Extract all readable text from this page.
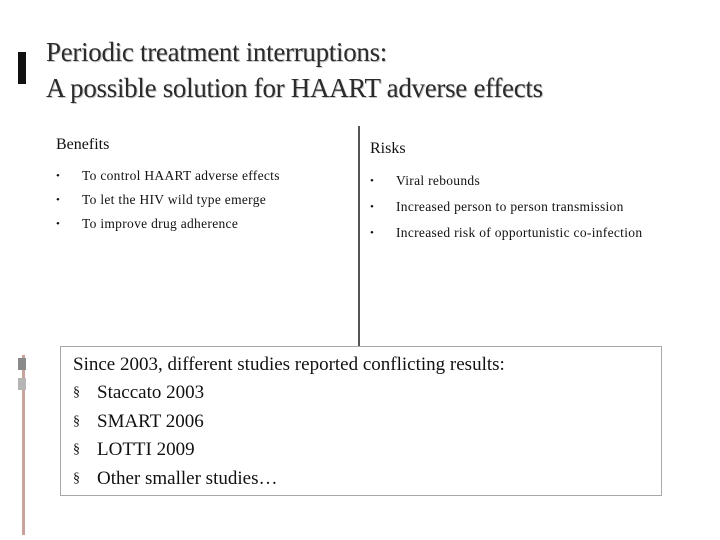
Periodic treatment interruptions:
A possible solution for HAART adverse effects
Benefits
•	To control HAART adverse effects
•	To let the HIV wild type emerge
•	To improve drug adherence
Risks
•	Viral rebounds
•	Increased person to person transmission
•	Increased risk of opportunistic co-infection

Since 2003, different studies reported conflicting results:

§ Staccato 2003
§ SMART 2006
§ LOTTI 2009
§ Other smaller studies…
